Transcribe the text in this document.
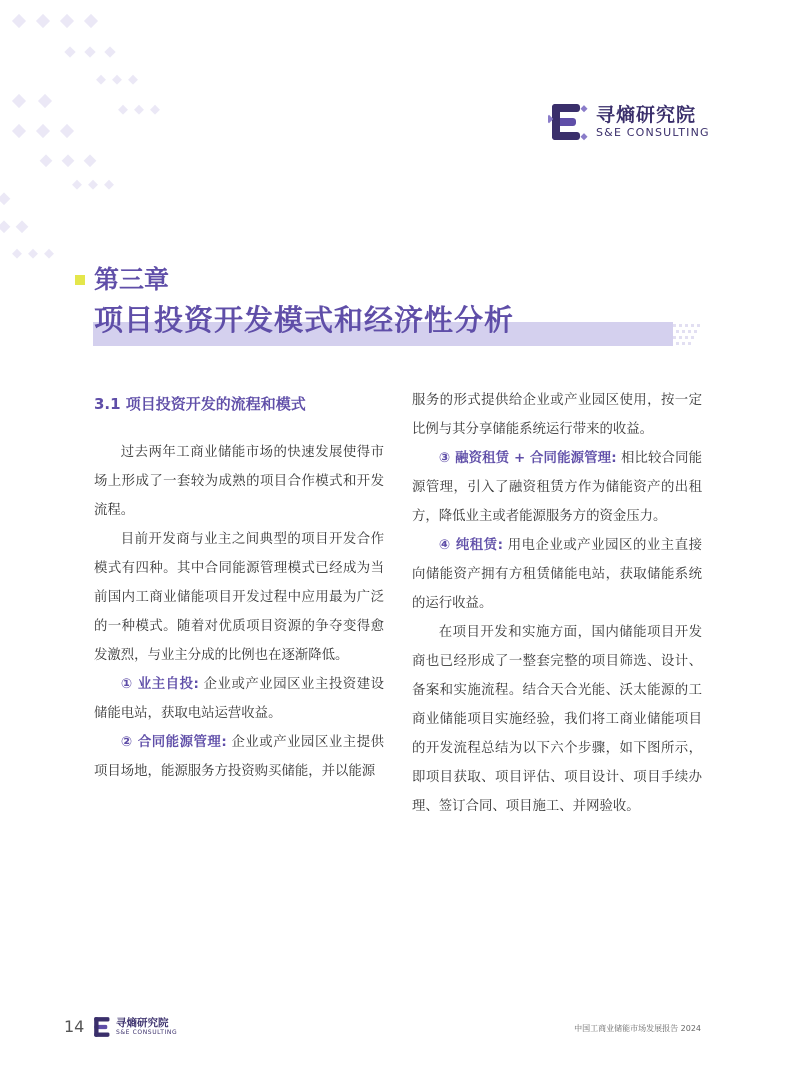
寻熵研究院
S&E CONSULTING
第三章
项目投资开发模式和经济性分析

3.1 项目投资开发的流程和模式

过去两年工商业储能市场的快速发展使得市场上形成了一套较为成熟的项目合作模式和开发流程。

目前开发商与业主之间典型的项目开发合作模式有四种。其中合同能源管理模式已经成为当前国内工商业储能项目开发过程中应用最为广泛的一种模式。随着对优质项目资源的争夺变得愈发激烈，与业主分成的比例也在逐渐降低。

① 业主自投: 企业或产业园区业主投资建设储能电站，获取电站运营收益。

② 合同能源管理: 企业或产业园区业主提供项目场地，能源服务方投资购买储能，并以能源

服务的形式提供给企业或产业园区使用，按一定比例与其分享储能系统运行带来的收益。

③ 融资租赁 + 合同能源管理: 相比较合同能源管理，引入了融资租赁方作为储能资产的出租方，降低业主或者能源服务方的资金压力。

④ 纯租赁: 用电企业或产业园区的业主直接向储能资产拥有方租赁储能电站，获取储能系统的运行收益。

在项目开发和实施方面，国内储能项目开发商也已经形成了一整套完整的项目筛选、设计、备案和实施流程。结合天合光能、沃太能源的工商业储能项目实施经验，我们将工商业储能项目的开发流程总结为以下六个步骤，如下图所示，即项目获取、项目评估、项目设计、项目手续办理、签订合同、项目施工、并网验收。

14	寻熵研究院
S&E CONSULTING	中国工商业储能市场发展报告 2024
